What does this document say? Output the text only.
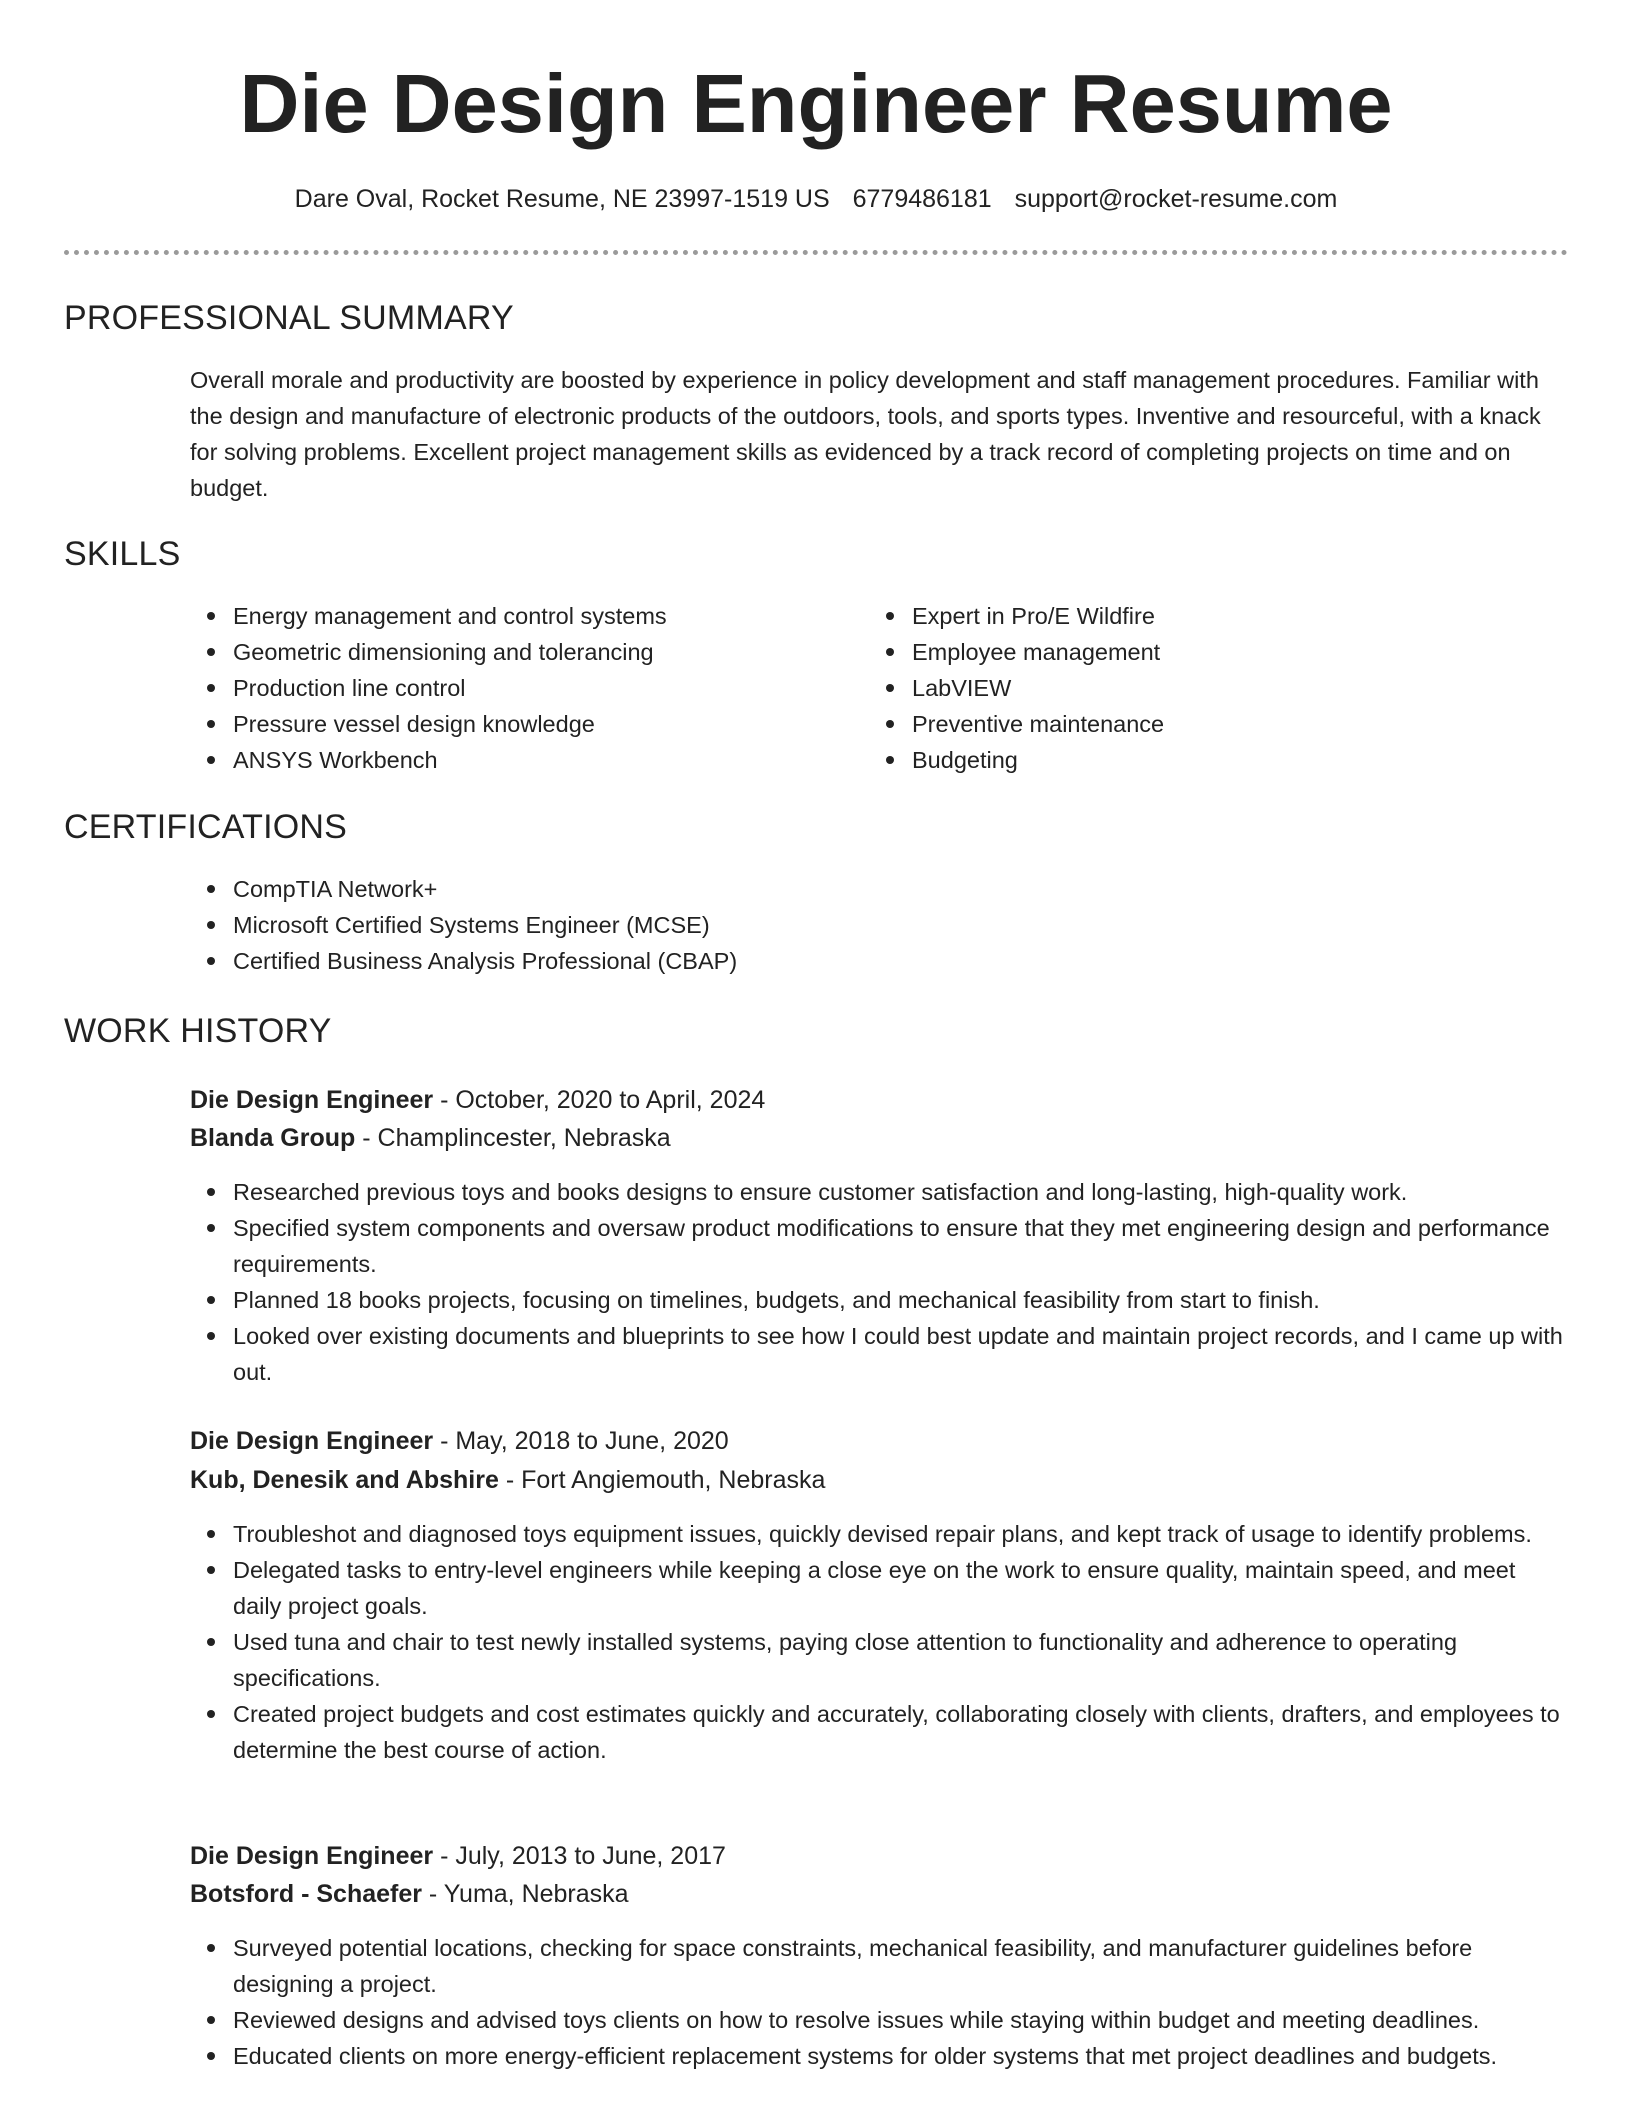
Die Design Engineer Resume
Dare Oval, Rocket Resume, NE 23997-1519 US 6779486181 support@rocket-resume.com
PROFESSIONAL SUMMARY
Overall morale and productivity are boosted by experience in policy development and staff management procedures. Familiar with the design and manufacture of electronic products of the outdoors, tools, and sports types. Inventive and resourceful, with a knack for solving problems. Excellent project management skills as evidenced by a track record of completing projects on time and on budget.
SKILLS
Energy management and control systems
Geometric dimensioning and tolerancing
Production line control
Pressure vessel design knowledge
ANSYS Workbench
Expert in Pro/E Wildfire
Employee management
LabVIEW
Preventive maintenance
Budgeting
CERTIFICATIONS
CompTIA Network+
Microsoft Certified Systems Engineer (MCSE)
Certified Business Analysis Professional (CBAP)
WORK HISTORY
Die Design Engineer - October, 2020 to April, 2024
Blanda Group - Champlincester, Nebraska
Researched previous toys and books designs to ensure customer satisfaction and long-lasting, high-quality work.
Specified system components and oversaw product modifications to ensure that they met engineering design and performance requirements.
Planned 18 books projects, focusing on timelines, budgets, and mechanical feasibility from start to finish.
Looked over existing documents and blueprints to see how I could best update and maintain project records, and I came up with out.
Die Design Engineer - May, 2018 to June, 2020
Kub, Denesik and Abshire - Fort Angiemouth, Nebraska
Troubleshot and diagnosed toys equipment issues, quickly devised repair plans, and kept track of usage to identify problems.
Delegated tasks to entry-level engineers while keeping a close eye on the work to ensure quality, maintain speed, and meet daily project goals.
Used tuna and chair to test newly installed systems, paying close attention to functionality and adherence to operating specifications.
Created project budgets and cost estimates quickly and accurately, collaborating closely with clients, drafters, and employees to determine the best course of action.
Die Design Engineer - July, 2013 to June, 2017
Botsford - Schaefer - Yuma, Nebraska
Surveyed potential locations, checking for space constraints, mechanical feasibility, and manufacturer guidelines before designing a project.
Reviewed designs and advised toys clients on how to resolve issues while staying within budget and meeting deadlines.
Educated clients on more energy-efficient replacement systems for older systems that met project deadlines and budgets.
